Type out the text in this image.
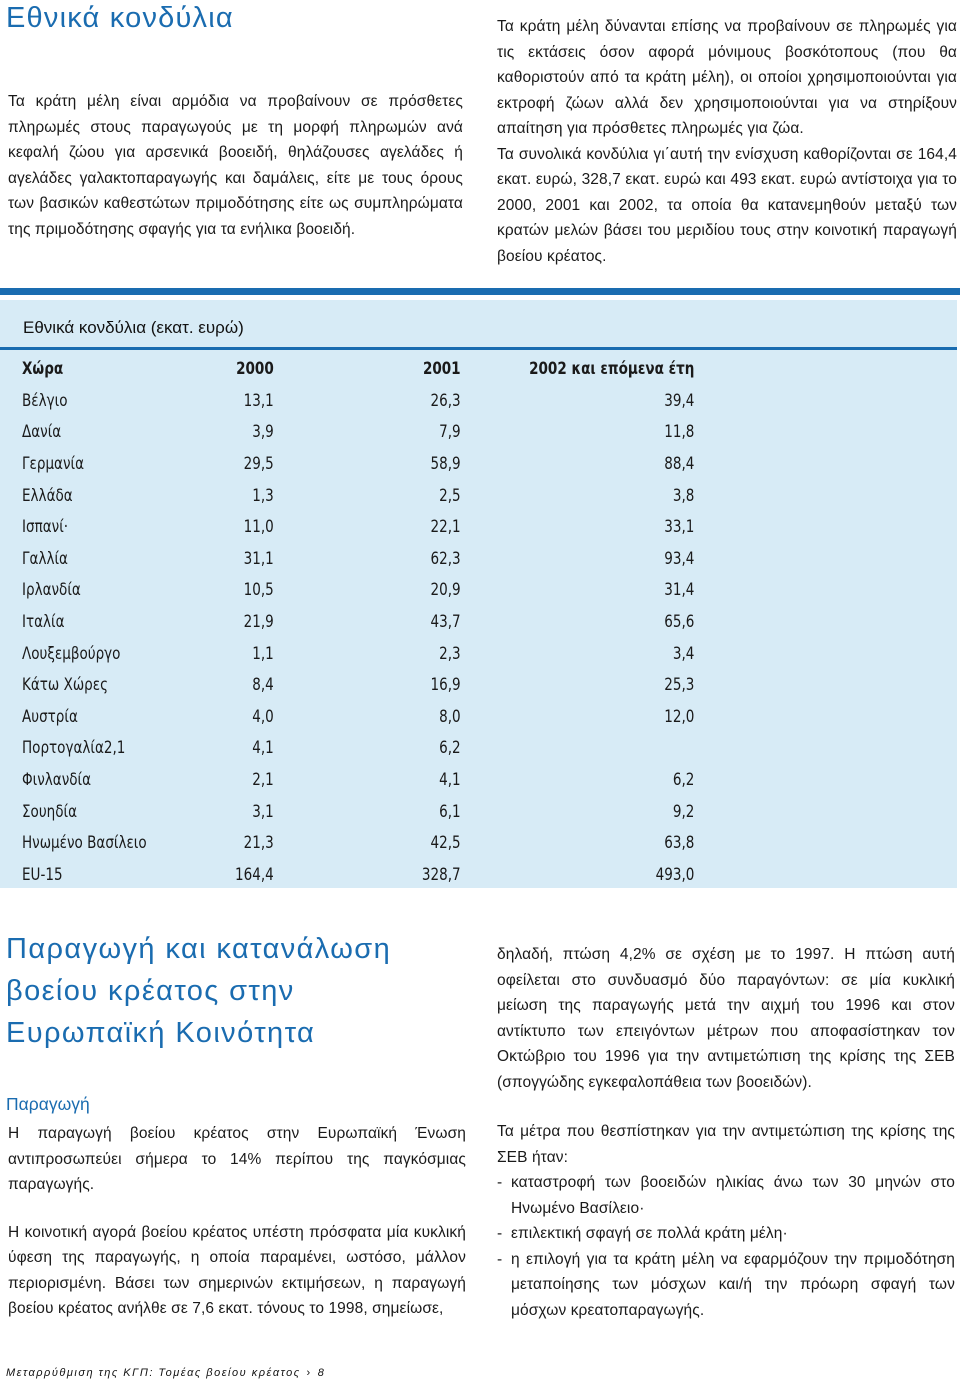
Εθνικά κονδύλια

Τα κράτη μέλη είναι αρμόδια να προβαίνουν σε πρόσθετες πληρωμές στους παραγωγούς με τη μορφή πληρωμών ανά κεφαλή ζώου για αρσενικά βοοειδή, θηλάζουσες αγελάδες ή αγελάδες γαλακτοπαραγωγής και δαμάλεις, είτε με τους όρους των βασικών καθεστώτων πριμοδότησης είτε ως συμπληρώματα της πριμοδότησης σφαγής για τα ενήλικα βοοειδή.

Τα κράτη μέλη δύνανται επίσης να προβαίνουν σε πληρωμές για τις εκτάσεις όσον αφορά μόνιμους βοσκότοπους (που θα καθοριστούν από τα κράτη μέλη), οι οποίοι χρησιμοποιούνται για εκτροφή ζώων αλλά δεν χρησιμοποιούνται για να στηρίξουν απαίτηση για πρόσθετες πληρωμές για ζώα.

Τα συνολικά κονδύλια γι΄αυτή την ενίσχυση καθορίζονται σε 164,4 εκατ. ευρώ, 328,7 εκατ. ευρώ και 493 εκατ. ευρώ αντίστοιχα για το 2000, 2001 και 2002, τα οποία θα κατανεμηθούν μεταξύ των κρατών μελών βάσει του μεριδίου τους στην κοινοτική παραγωγή βοείου κρέατος.

Εθνικά κονδύλια (εκατ. ευρώ)
Χώρα	2000	2001	2002 και επόμενα έτη
Βέλγιο	13,1	26,3	39,4
Δανία	3,9	7,9	11,8
Γερμανία	29,5	58,9	88,4
Ελλάδα	1,3	2,5	3,8
Ισπανί·	11,0	22,1	33,1
Γαλλία	31,1	62,3	93,4
Ιρλανδία	10,5	20,9	31,4
Ιταλία	21,9	43,7	65,6
Λουξεμβούργο	1,1	2,3	3,4
Κάτω Χώρες	8,4	16,9	25,3
Αυστρία	4,0	8,0	12,0
Πορτογαλία2,1	4,1	6,2	
Φινλανδία	2,1	4,1	6,2
Σουηδία	3,1	6,1	9,2
Ηνωμένο Βασίλειο	21,3	42,5	63,8
EU-15	164,4	328,7	493,0
Παραγωγή και κατανάλωση
βοείου κρέατος στην
Ευρωπαϊκή Κοινότητα
Παραγωγή

Η παραγωγή βοείου κρέατος στην Ευρωπαϊκή Ένωση αντιπροσωπεύει σήμερα το 14% περίπου της παγκόσμιας παραγωγής.

Η κοινοτική αγορά βοείου κρέατος υπέστη πρόσφατα μία κυκλική ύφεση της παραγωγής, η οποία παραμένει, ωστόσο, μάλλον περιορισμένη. Βάσει των σημερινών εκτιμήσεων, η παραγωγή βοείου κρέατος ανήλθε σε 7,6 εκατ. τόνους το 1998, σημείωσε,

δηλαδή, πτώση 4,2% σε σχέση με το 1997. Η πτώση αυτή οφείλεται στο συνδυασμό δύο παραγόντων: σε μία κυκλική μείωση της παραγωγής μετά την αιχμή του 1996 και στον αντίκτυπο των επειγόντων μέτρων που αποφασίστηκαν τον Οκτώβριο του 1996 για την αντιμετώπιση της κρίσης της ΣΕΒ (σπογγώδης εγκεφαλοπάθεια των βοοειδών).

Τα μέτρα που θεσπίστηκαν για την αντιμετώπιση της κρίσης της ΣΕΒ ήταν:

- καταστροφή των βοοειδών ηλικίας άνω των 30 μηνών στο Ηνωμένο Βασίλειο·
- επιλεκτική σφαγή σε πολλά κράτη μέλη·
- η επιλογή για τα κράτη μέλη να εφαρμόζουν την πριμοδότηση μεταποίησης των μόσχων και/ή την πρόωρη σφαγή των μόσχων κρεατοπαραγωγής.
Μεταρρύθμιση της ΚΓΠ: Τομέας βοείου κρέατος › 8
